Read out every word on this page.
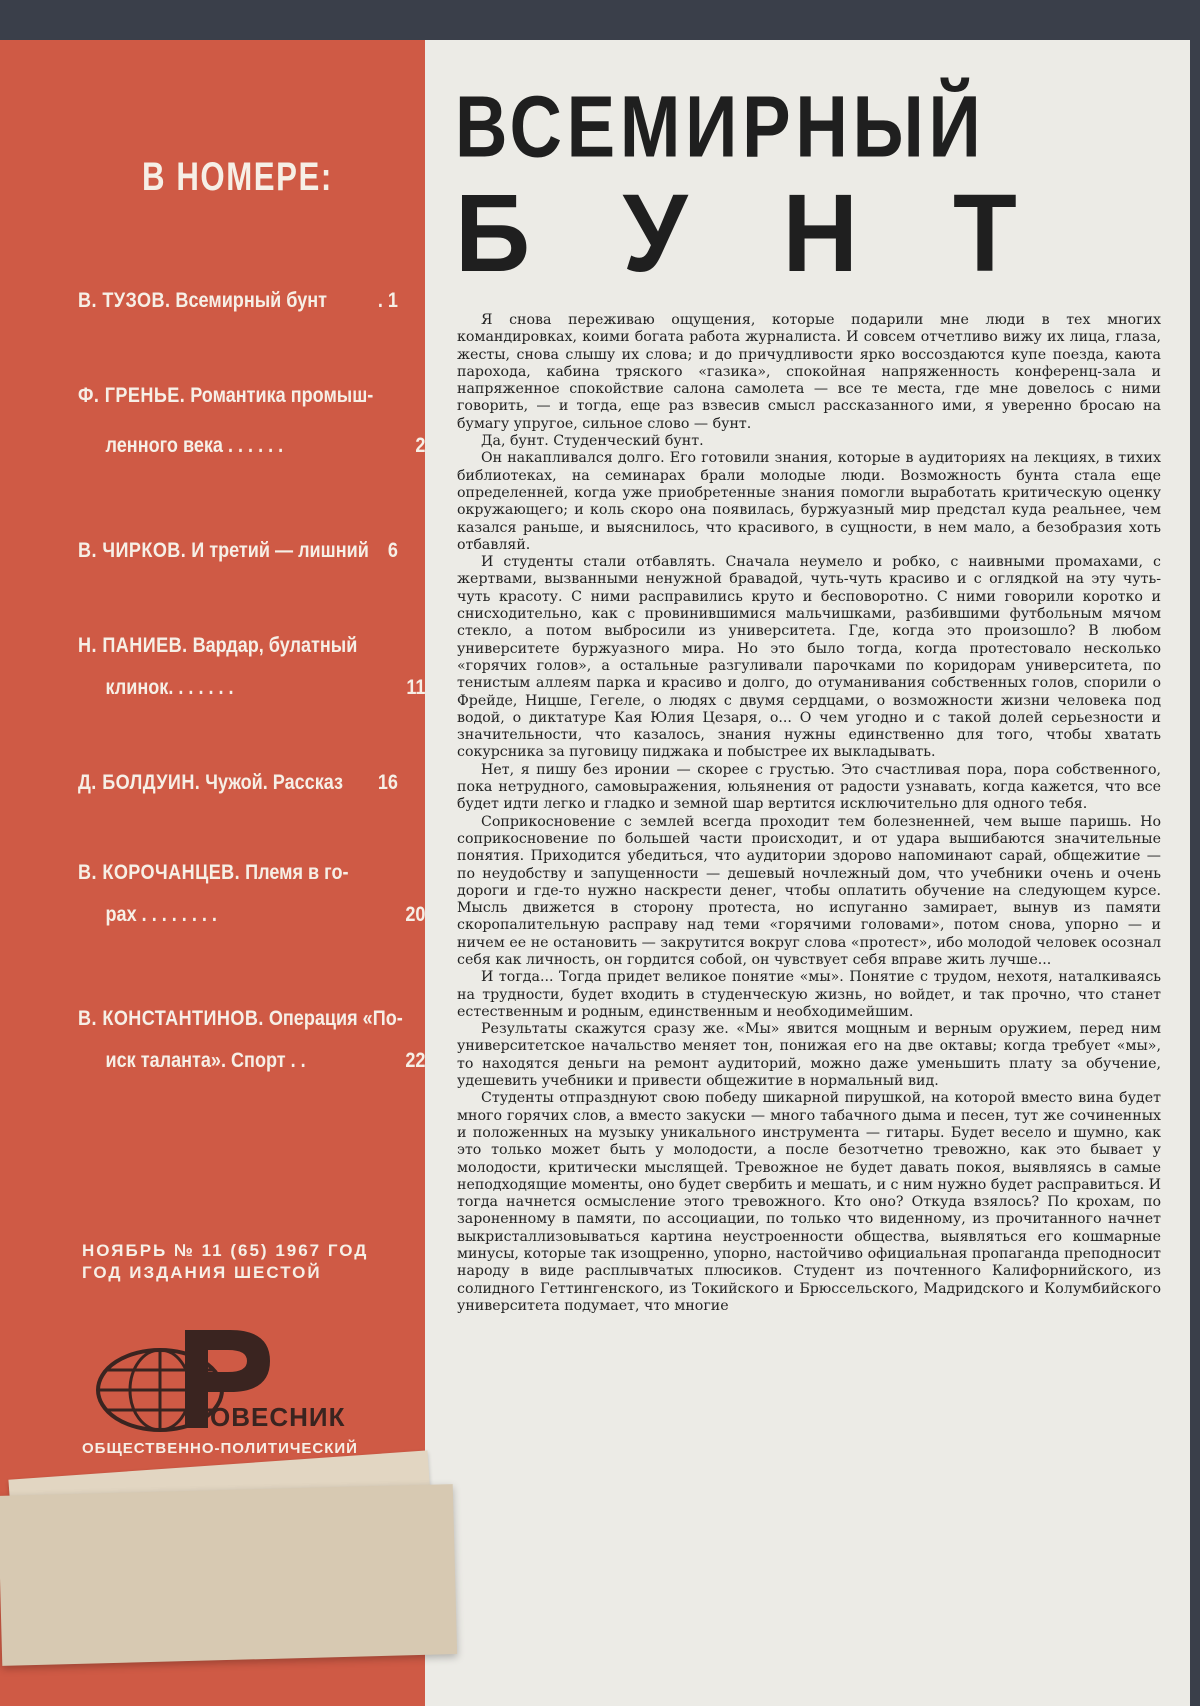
В НОМЕРЕ:
В. ТУЗОВ. Всемирный бунт . 1
Ф. ГРЕНЬЕ. Романтика промыш-
ленного века . . . . . .	2
В. ЧИРКОВ. И третий — лишний 6
Н. ПАНИЕВ. Вардар, булатный
клинок. . . . . . .	11
Д. БОЛДУИН. Чужой. Рассказ 16
В. КОРОЧАНЦЕВ. Племя в го-
рах . . . . . . . .	20
В. КОНСТАНТИНОВ. Операция «По-
иск таланта». Спорт . .	22
НОЯБРЬ № 11 (65) 1967 ГОД
ГОД ИЗДАНИЯ ШЕСТОЙ
ОВЕСНИК
ОБЩЕСТВЕННО-ПОЛИТИЧЕСКИЙ
ВСЕМИРНЫЙ
БУНТ

Я снова переживаю ощущения, которые подарили мне люди в тех многих командировках, коими богата работа журналиста. И совсем отчетливо вижу их лица, глаза, жесты, снова слышу их слова; и до причудливости ярко воссоздаются купе поезда, каюта парохода, кабина тряского «газика», спокойная напряженность конференц-зала и напряженное спокойствие салона самолета — все те места, где мне довелось с ними говорить, — и тогда, еще раз взвесив смысл рассказанного ими, я уверенно бросаю на бумагу упругое, сильное слово — бунт.

Да, бунт. Студенческий бунт.

Он накапливался долго. Его готовили знания, которые в аудиториях на лекциях, в тихих библиотеках, на семинарах брали молодые люди. Возможность бунта стала еще определенней, когда уже приобретенные знания помогли выработать критическую оценку окружающего; и коль скоро она появилась, буржуазный мир предстал куда реальнее, чем казался раньше, и выяснилось, что красивого, в сущности, в нем мало, а безобразия хоть отбавляй.

И студенты стали отбавлять. Сначала неумело и робко, с наивными промахами, с жертвами, вызванными ненужной бравадой, чуть-чуть красиво и с оглядкой на эту чуть-чуть красоту. С ними расправились круто и бесповоротно. С ними говорили коротко и снисходительно, как с провинившимися мальчишками, разбившими футбольным мячом стекло, а потом выбросили из университета. Где, когда это произошло? В любом университете буржуазного мира. Но это было тогда, когда протестовало несколько «горячих голов», а остальные разгуливали парочками по коридорам университета, по тенистым аллеям парка и красиво и долго, до отуманивания собственных голов, спорили о Фрейде, Ницше, Гегеле, о людях с двумя сердцами, о возможности жизни человека под водой, о диктатуре Кая Юлия Цезаря, о... О чем угодно и с такой долей серьезности и значительности, что казалось, знания нужны единственно для того, чтобы хватать сокурсника за пуговицу пиджака и побыстрее их выкладывать.

Нет, я пишу без иронии — скорее с грустью. Это счастливая пора, пора собственного, пока нетрудного, самовыражения, юльянения от радости узнавать, когда кажется, что все будет идти легко и гладко и земной шар вертится исключительно для одного тебя.

Соприкосновение с землей всегда проходит тем болезненней, чем выше паришь. Но соприкосновение по большей части происходит, и от удара вышибаются значительные понятия. Приходится убедиться, что аудитории здорово напоминают сарай, общежитие — по неудобству и запущенности — дешевый ночлежный дом, что учебники очень и очень дороги и где-то нужно наскрести денег, чтобы оплатить обучение на следующем курсе. Мысль движется в сторону протеста, но испуганно замирает, вынув из памяти скоропалительную расправу над теми «горячими головами», потом снова, упорно — и ничем ее не остановить — закрутится вокруг слова «протест», ибо молодой человек осознал себя как личность, он гордится собой, он чувствует себя вправе жить лучше...

И тогда... Тогда придет великое понятие «мы». Понятие с трудом, нехотя, наталкиваясь на трудности, будет входить в студенческую жизнь, но войдет, и так прочно, что станет естественным и родным, единственным и необходимейшим.

Результаты скажутся сразу же. «Мы» явится мощным и верным оружием, перед ним университетское начальство меняет тон, понижая его на две октавы; когда требует «мы», то находятся деньги на ремонт аудиторий, можно даже уменьшить плату за обучение, удешевить учебники и привести общежитие в нормальный вид.

Студенты отпразднуют свою победу шикарной пирушкой, на которой вместо вина будет много горячих слов, а вместо закуски — много табачного дыма и песен, тут же сочиненных и положенных на музыку уникального инструмента — гитары. Будет весело и шумно, как это только может быть у молодости, а после безотчетно тревожно, как это бывает у молодости, критически мыслящей. Тревожное не будет давать покоя, выявляясь в самые неподходящие моменты, оно будет свербить и мешать, и с ним нужно будет расправиться. И тогда начнется осмысление этого тревожного. Кто оно? Откуда взялось? По крохам, по зароненному в памяти, по ассоциации, по только что виденному, из прочитанного начнет выкристаллизовываться картина неустроенности общества, выявляться его кошмарные минусы, которые так изощренно, упорно, настойчиво официальная пропаганда преподносит народу в виде расплывчатых плюсиков. Студент из почтенного Калифорнийского, из солидного Геттингенского, из Токийского и Брюссельского, Мадридского и Колумбийского университета подумает, что многие
